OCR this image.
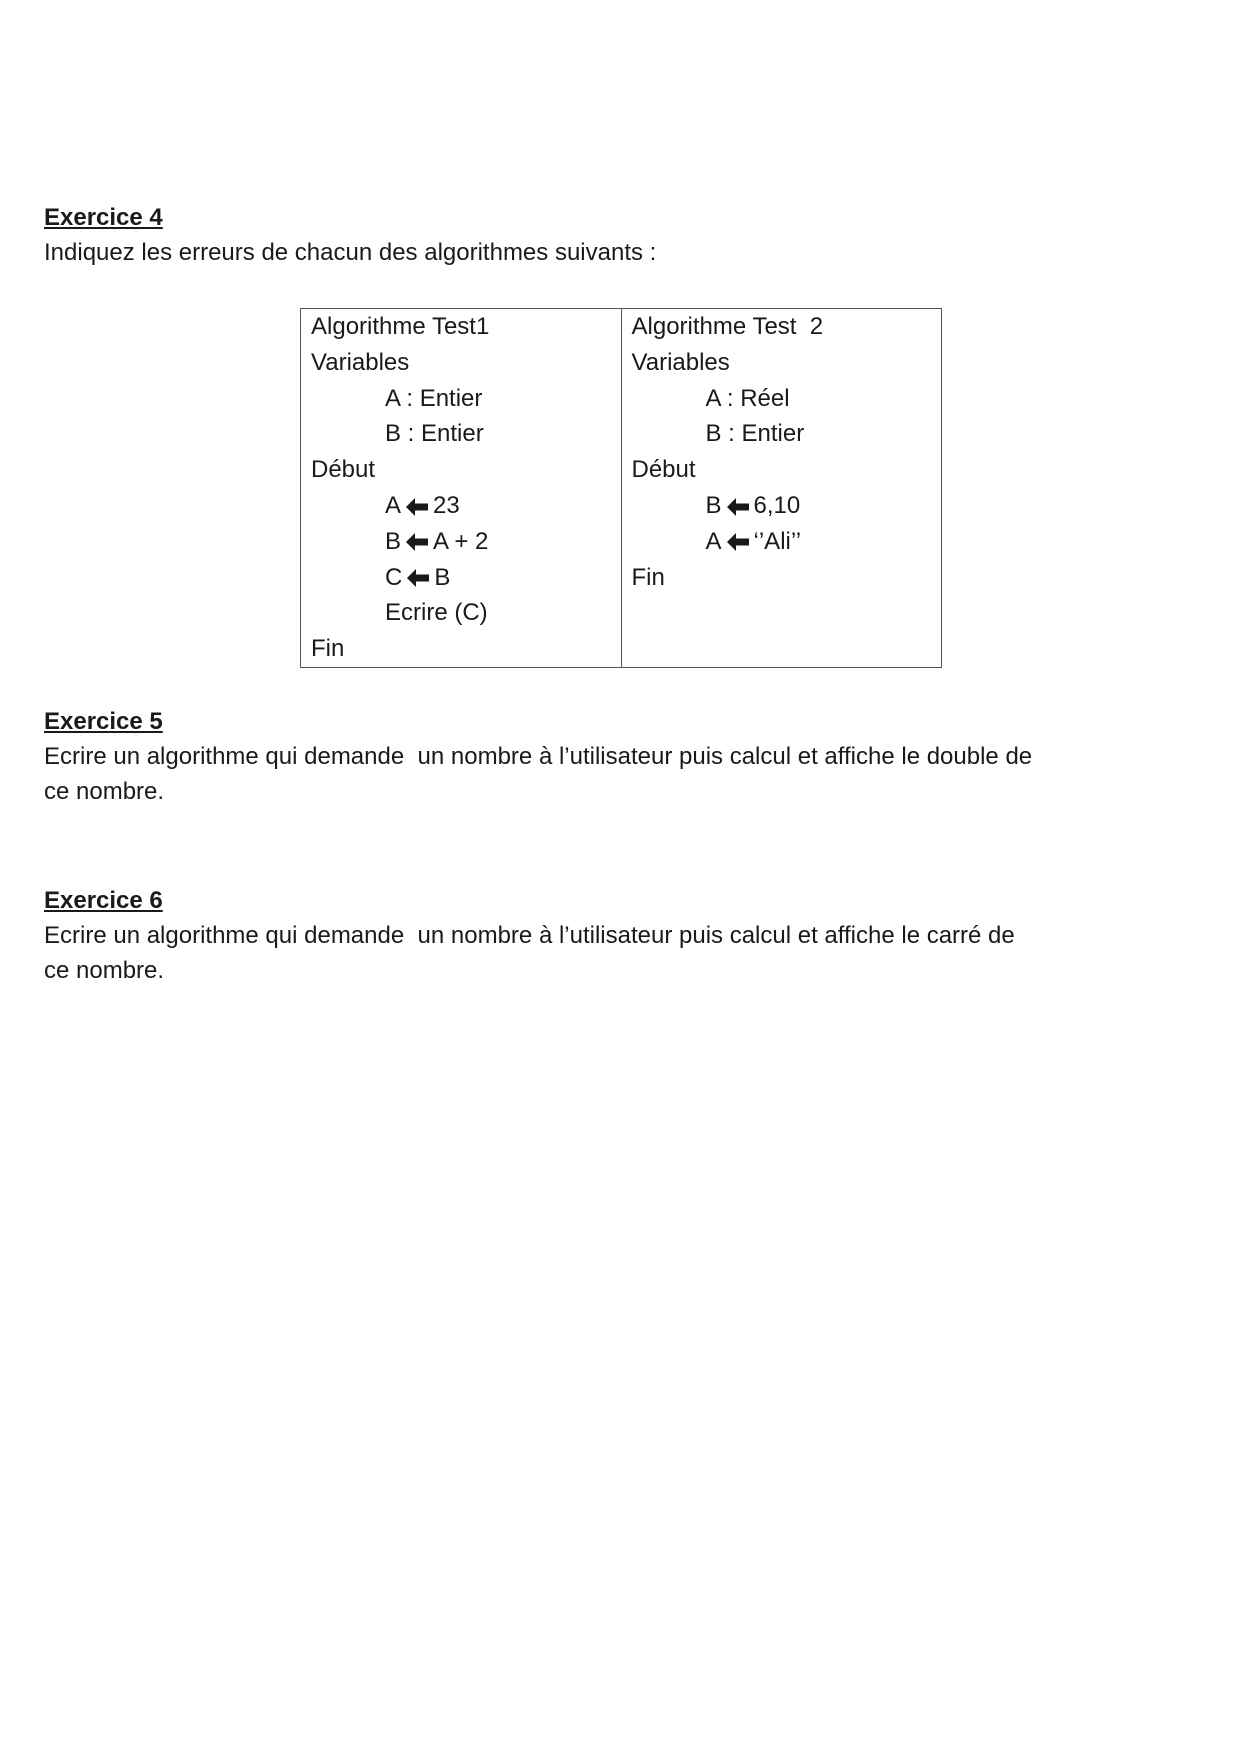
Exercice 4
Indiquez les erreurs de chacun des algorithmes suivants :
Algorithme Test1
Variables
A : Entier
B : Entier
Début
A 23
B A + 2
C B
Ecrire (C)
Fin

Algorithme Test  2
Variables
A : Réel
B : Entier
Début
B 6,10
A ‘’Ali’’
Fin
Exercice 5
Ecrire un algorithme qui demande  un nombre à l’utilisateur puis calcul et affiche le double de ce nombre.
Exercice 6
Ecrire un algorithme qui demande  un nombre à l’utilisateur puis calcul et affiche le carré de ce nombre.
